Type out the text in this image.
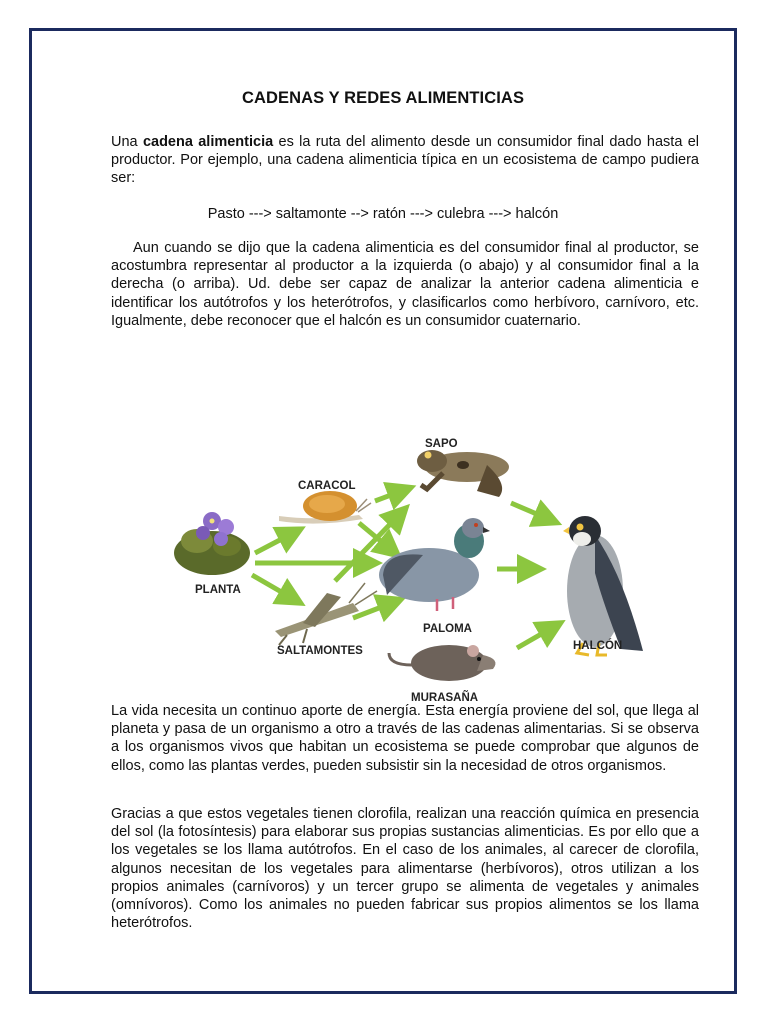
CADENAS Y REDES ALIMENTICIAS

Una cadena alimenticia es la ruta del alimento desde un consumidor final dado hasta el productor. Por ejemplo, una cadena alimenticia típica en un ecosistema de campo pudiera ser:

Pasto ---> saltamonte --> ratón ---> culebra ---> halcón

Aun cuando se dijo que la cadena alimenticia es del consumidor final al productor, se acostumbra representar al productor a la izquierda (o abajo) y al consumidor final a la derecha (o arriba). Ud. debe ser capaz de analizar la anterior cadena alimenticia e identificar los autótrofos y los heterótrofos, y clasificarlos como herbívoro, carnívoro, etc. Igualmente, debe reconocer que el halcón es un consumidor cuaternario.

SAPO
CARACOL
PLANTA
PALOMA
SALTAMONTES	HALCÓN
MURASAÑA

La vida necesita un continuo aporte de energía. Esta energía proviene del sol, que llega al planeta y pasa de un organismo a otro a través de las cadenas alimentarias. Si se observa a los organismos vivos que habitan un ecosistema se puede comprobar que algunos de ellos, como las plantas verdes, pueden subsistir sin la necesidad de otros organismos.

Gracias a que estos vegetales tienen clorofila, realizan una reacción química en presencia del sol (la fotosíntesis) para elaborar sus propias sustancias alimenticias. Es por ello que a los vegetales se los llama autótrofos. En el caso de los animales, al carecer de clorofila, algunos necesitan de los vegetales para alimentarse (herbívoros), otros utilizan a los propios animales (carnívoros) y un tercer grupo se alimenta de vegetales y animales (omnívoros). Como los animales no pueden fabricar sus propios alimentos se los llama heterótrofos.
